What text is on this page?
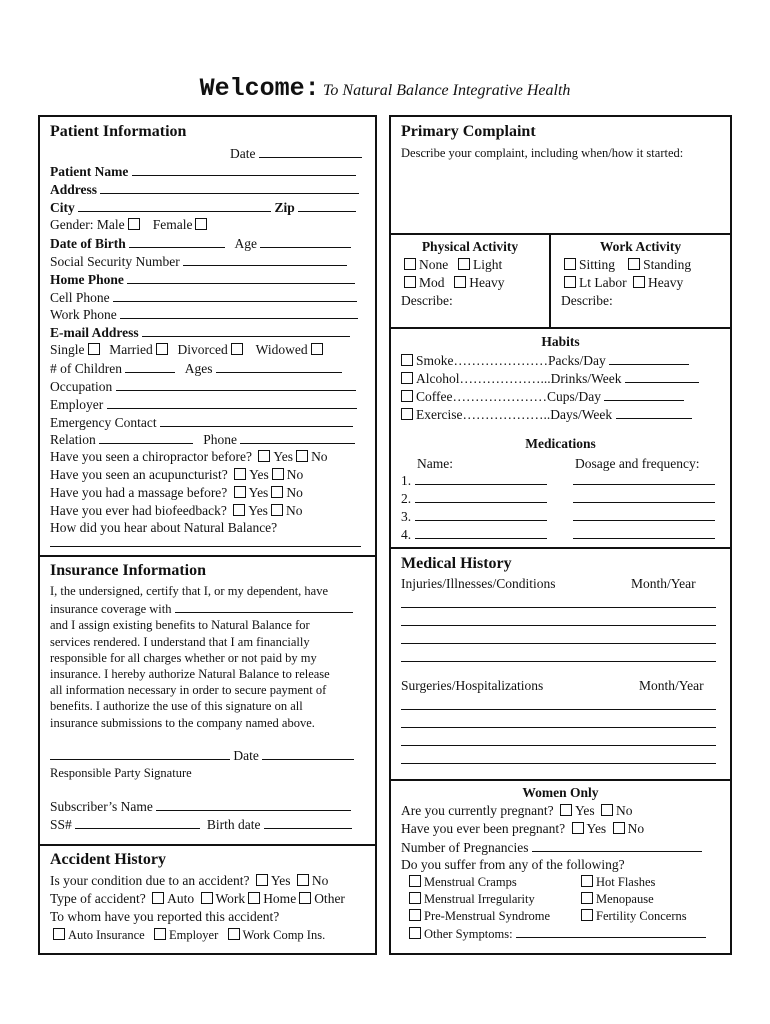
Welcome: To Natural Balance Integrative Health
Patient Information
Date
Patient Name
Address
City	Zip
Gender: Male Female
Date of Birth	Age
Social Security Number
Home Phone
Cell Phone
Work Phone
E-mail Address
Single Married Divorced Widowed
# of Children	Ages
Occupation
Employer
Emergency Contact
Relation	Phone
Have you seen a chiropractor before? Yes No
Have you seen an acupuncturist? Yes No
Have you had a massage before? Yes No
Have you ever had biofeedback? Yes No
How did you hear about Natural Balance?
Insurance Information
I, the undersigned, certify that I, or my dependent, have
insurance coverage with
and I assign existing benefits to Natural Balance for
services rendered. I understand that I am financially
responsible for all charges whether or not paid by my
insurance. I hereby authorize Natural Balance to release
all information necessary in order to secure payment of
benefits. I authorize the use of this signature on all
insurance submissions to the company named above.
Date
Responsible Party Signature
Subscriber’s Name
SS#	Birth date
Accident History
Is your condition due to an accident? Yes No
Type of accident? Auto Work Home Other
To whom have you reported this accident?
Auto Insurance Employer Work Comp Ins.
Primary Complaint
Describe your complaint, including when/how it started:
Physical Activity
None Light
Mod Heavy
Describe:
Work Activity
Sitting Standing
Lt Labor Heavy
Describe:
Habits
Smoke…………………Packs/Day
Alcohol………………...Drinks/Week
Coffee…………………Cups/Day
Exercise………………..Days/Week
Medications
Name:	Dosage and frequency:
1.
2.
3.
4.
Medical History
Injuries/Illnesses/Conditions	Month/Year
Surgeries/Hospitalizations	Month/Year
Women Only
Are you currently pregnant? Yes No
Have you ever been pregnant? Yes No
Number of Pregnancies
Do you suffer from any of the following?
Menstrual Cramps	Hot Flashes
Menstrual Irregularity	Menopause
Pre-Menstrual Syndrome	Fertility Concerns
Other Symptoms:
